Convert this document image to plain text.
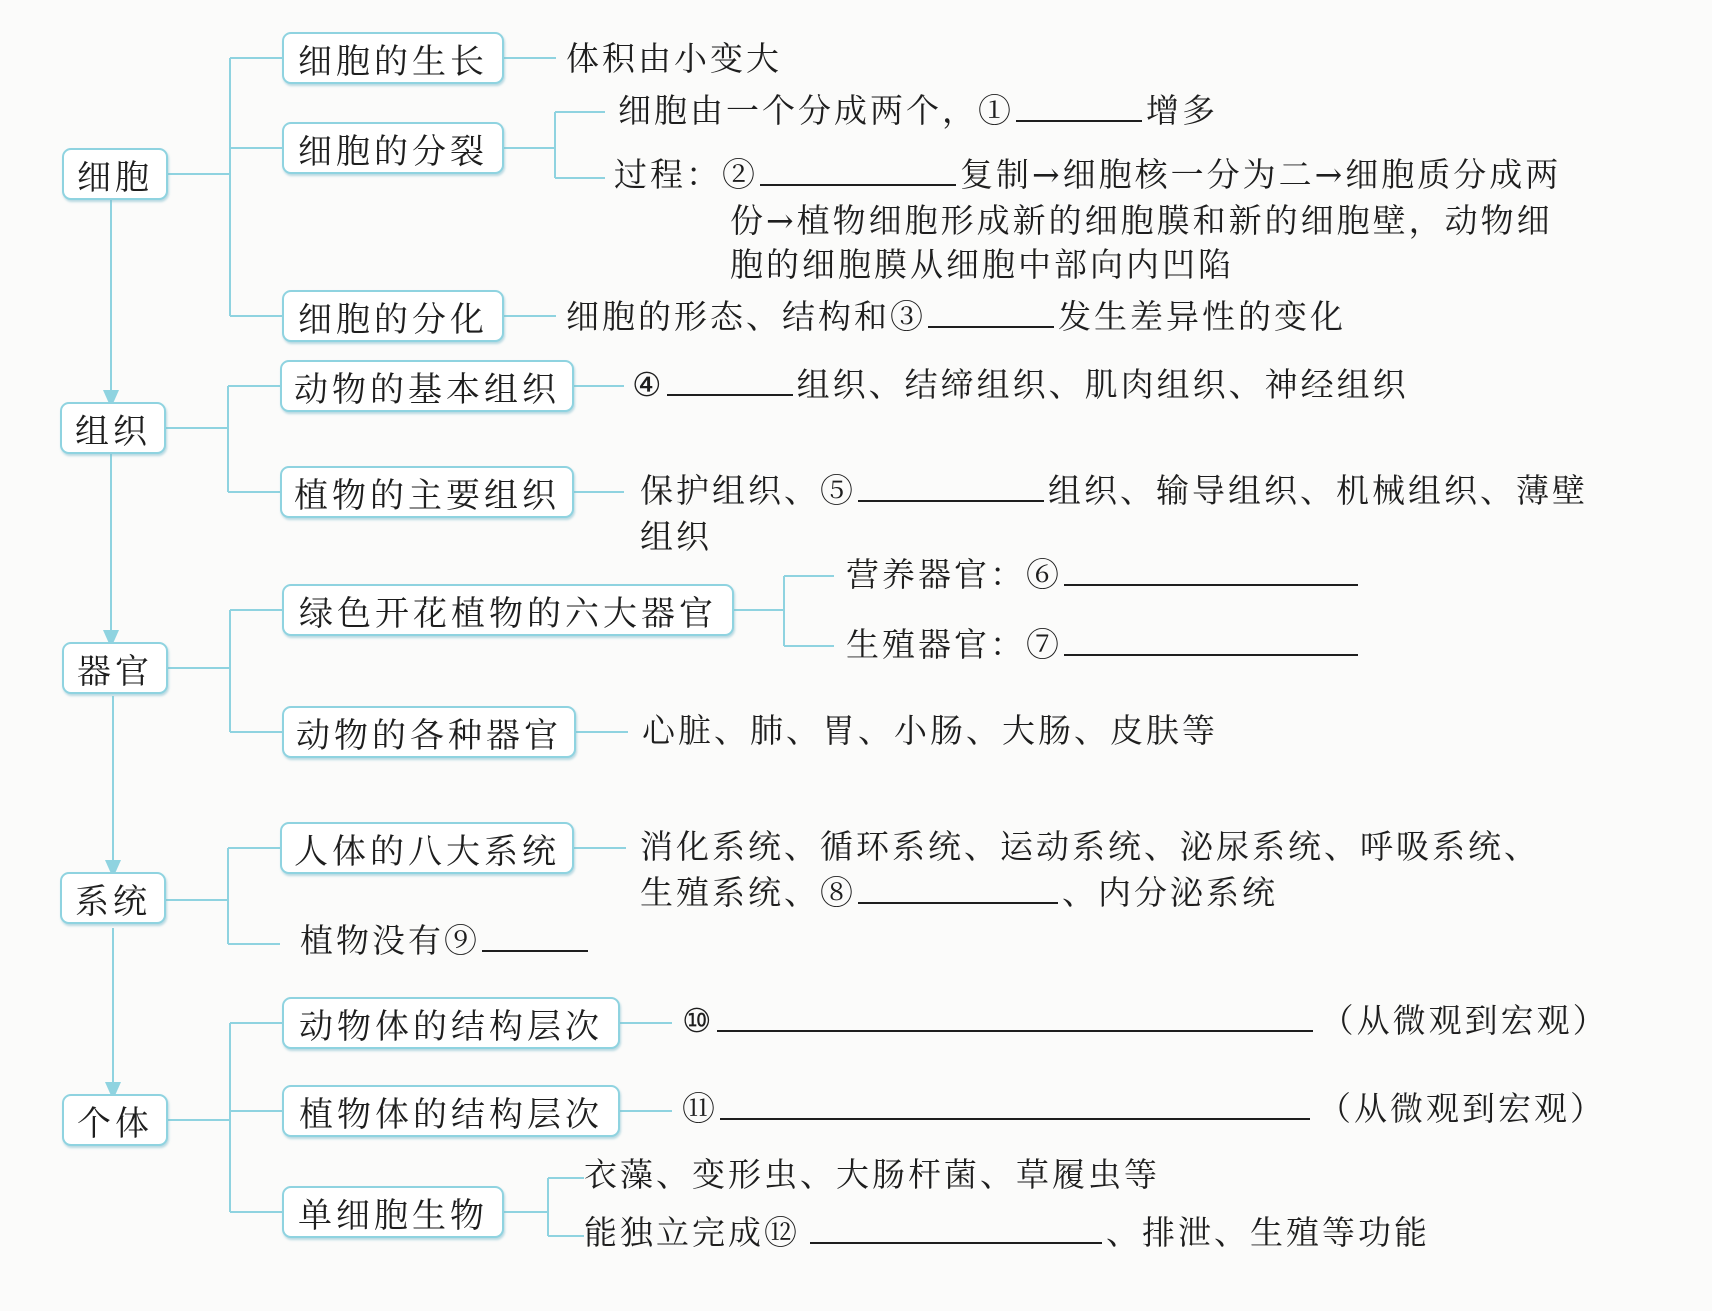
细胞
组织
器官
系统
个体
细胞的生长	体积由小变大
细胞的分裂
细胞由一个分成两个，①	增多
过程：②	复制→细胞核一分为二→细胞质分成两
份→植物细胞形成新的细胞膜和新的细胞壁，动物细
胞的细胞膜从细胞中部向内凹陷
细胞的分化	细胞的形态、结构和③	发生差异性的变化
动物的基本组织	④	组织、结缔组织、肌肉组织、神经组织
植物的主要组织	保护组织、⑤	组织、输导组织、机械组织、薄壁
组织
绿色开花植物的六大器官
营养器官：⑥
生殖器官：⑦
动物的各种器官	心脏、肺、胃、小肠、大肠、皮肤等
人体的八大系统	消化系统、循环系统、运动系统、泌尿系统、呼吸系统、
生殖系统、⑧	、内分泌系统
植物没有⑨
动物体的结构层次	⑩	（从微观到宏观）
植物体的结构层次	⑪	（从微观到宏观）
单细胞生物
衣藻、变形虫、大肠杆菌、草履虫等
能独立完成⑫	、排泄、生殖等功能
